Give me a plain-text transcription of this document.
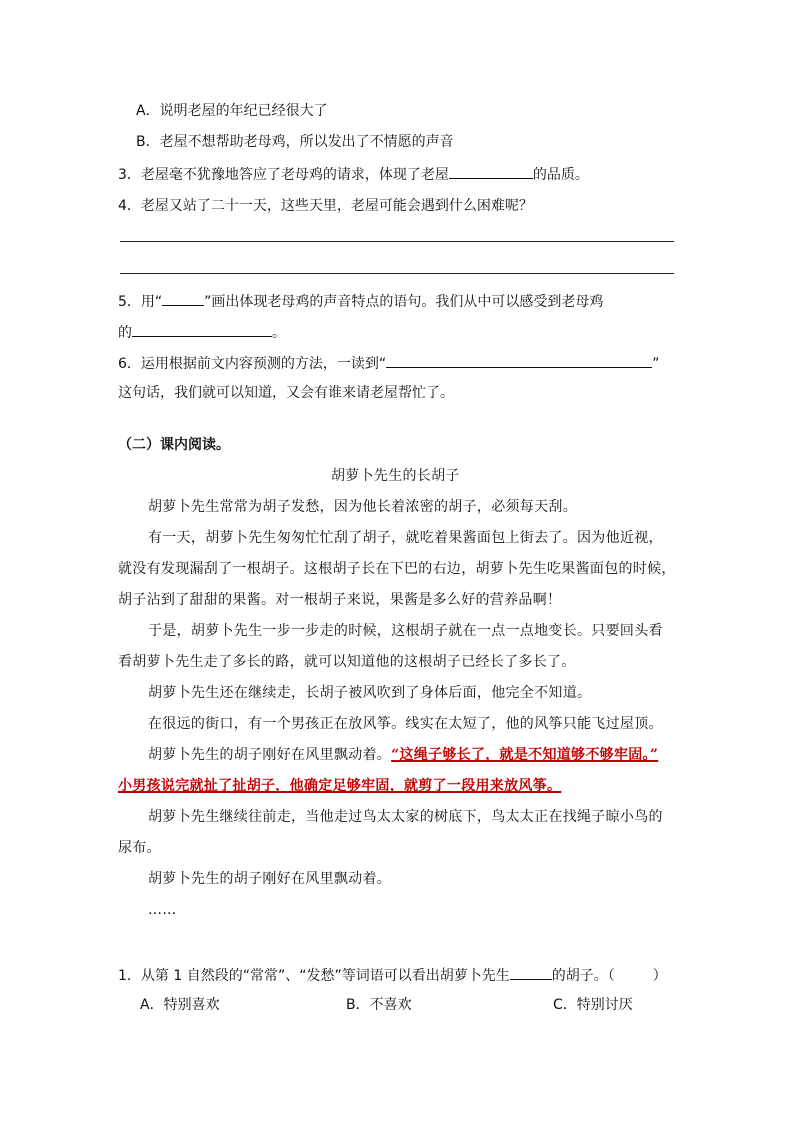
A．说明老屋的年纪已经很大了
B．老屋不想帮助老母鸡，所以发出了不情愿的声音
3．老屋毫不犹豫地答应了老母鸡的请求，体现了老屋	的品质。
4．老屋又站了二十一天，这些天里，老屋可能会遇到什么困难呢？
5．用“	”画出体现老母鸡的声音特点的语句。我们从中可以感受到老母鸡
的	。
6．运用根据前文内容预测的方法，一读到“	”
这句话，我们就可以知道，又会有谁来请老屋帮忙了。
（二）课内阅读。
胡萝卜先生的长胡子
胡萝卜先生常常为胡子发愁，因为他长着浓密的胡子，必须每天刮。
有一天，胡萝卜先生匆匆忙忙刮了胡子，就吃着果酱面包上街去了。因为他近视，
就没有发现漏刮了一根胡子。这根胡子长在下巴的右边，胡萝卜先生吃果酱面包的时候，
胡子沾到了甜甜的果酱。对一根胡子来说，果酱是多么好的营养品啊！
于是，胡萝卜先生一步一步走的时候，这根胡子就在一点一点地变长。只要回头看
看胡萝卜先生走了多长的路，就可以知道他的这根胡子已经长了多长了。
胡萝卜先生还在继续走，长胡子被风吹到了身体后面，他完全不知道。
在很远的街口，有一个男孩正在放风筝。线实在太短了，他的风筝只能飞过屋顶。
胡萝卜先生的胡子刚好在风里飘动着。“这绳子够长了，就是不知道够不够牢固。”
小男孩说完就扯了扯胡子，他确定足够牢固，就剪了一段用来放风筝。
胡萝卜先生继续往前走，当他走过鸟太太家的树底下，鸟太太正在找绳子晾小鸟的
尿布。
胡萝卜先生的胡子刚好在风里飘动着。
……
1．从第 1 自然段的“常常”、“发愁”等词语可以看出胡萝卜先生	的胡子。（	）
A．特别喜欢	B．不喜欢	C．特别讨厌
